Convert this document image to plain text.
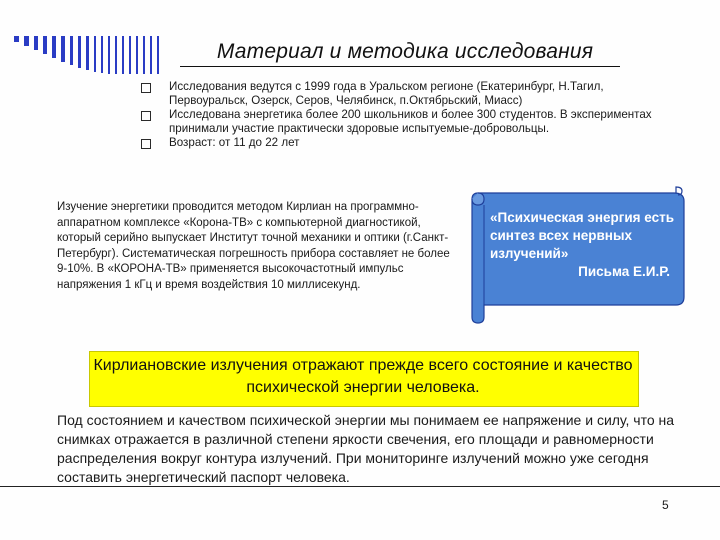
Материал и методика исследования
Исследования ведутся с 1999 года в Уральском регионе (Екатеринбург, Н.Тагил, Первоуральск, Озерск, Серов, Челябинск, п.Октябрьский, Миасс)
Исследована энергетика более 200 школьников и более 300 студентов. В экспериментах принимали участие практически здоровые испытуемые-добровольцы.
Возраст: от 11 до 22 лет
Изучение энергетики проводится методом Кирлиан на программно-аппаратном комплексе «Корона-ТВ» с компьютерной диагностикой, который серийно выпускает Институт точной механики и оптики (г.Санкт-Петербург). Систематическая погрешность прибора составляет не более 9-10%. В «КОРОНА-ТВ» применяется высокочастотный импульс напряжения 1 кГц и время воздействия 10 миллисекунд.
«Психическая энергия есть синтез всех нервных излучений»
Письма Е.И.Р.
Кирлиановские излучения отражают прежде всего состояние и качество психической энергии человека.
Под состоянием и качеством психической энергии мы понимаем ее напряжение и силу, что на снимках отражается в различной степени яркости свечения, его площади и равномерности распределения вокруг контура излучений. При мониторинге излучений можно уже сегодня составить энергетический паспорт человека.
5
